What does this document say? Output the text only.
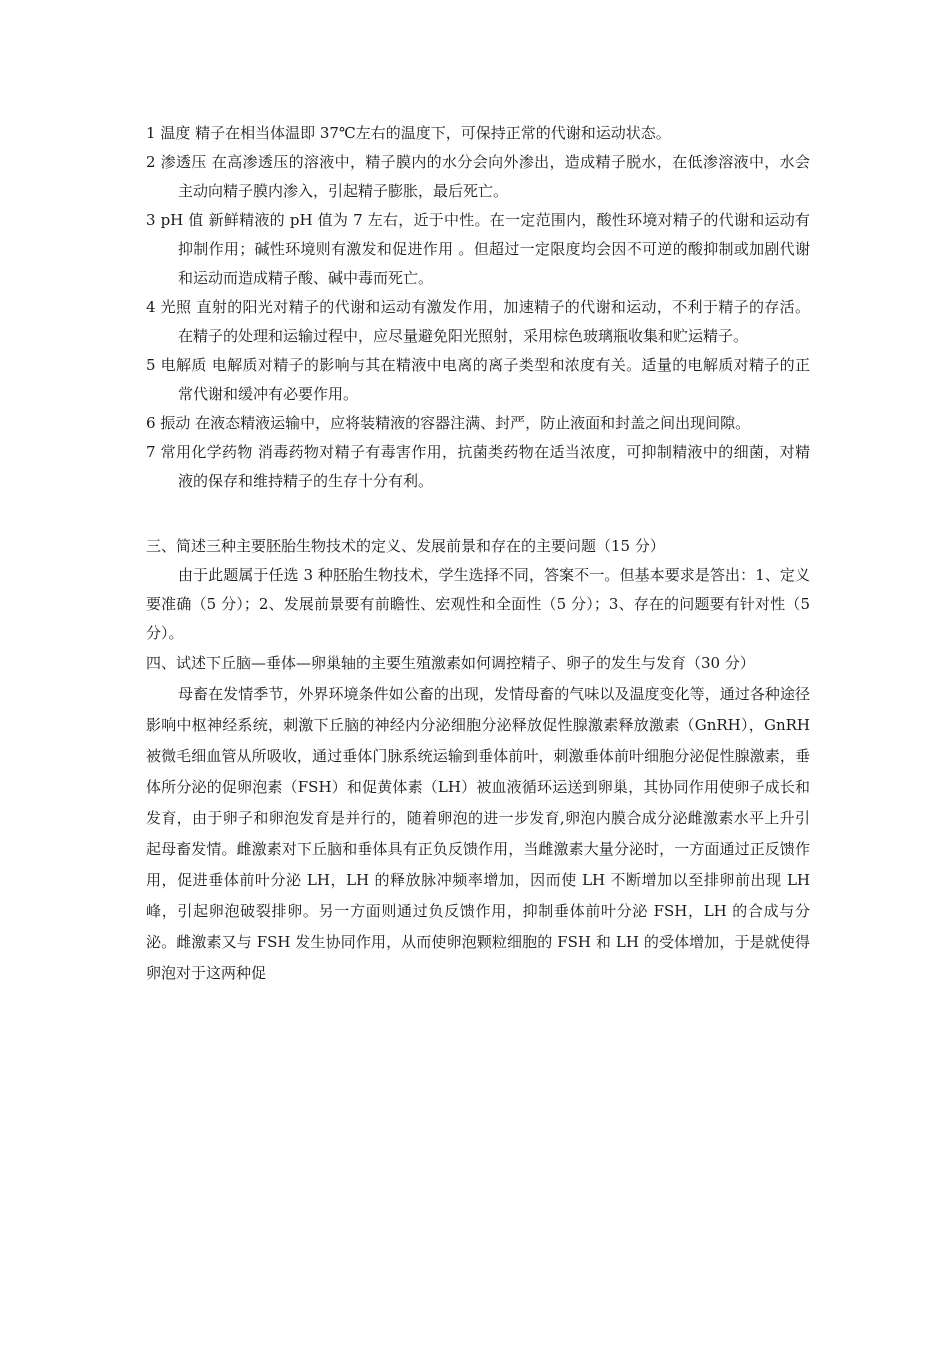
1 温度 精子在相当体温即 37℃左右的温度下，可保持正常的代谢和运动状态。
2 渗透压 在高渗透压的溶液中，精子膜内的水分会向外渗出，造成精子脱水，在低渗溶液中，水会主动向精子膜内渗入，引起精子膨胀，最后死亡。
3 pH 值 新鲜精液的 pH 值为 7 左右，近于中性。在一定范围内，酸性环境对精子的代谢和运动有抑制作用；碱性环境则有激发和促进作用 。但超过一定限度均会因不可逆的酸抑制或加剧代谢和运动而造成精子酸、碱中毒而死亡。
4 光照 直射的阳光对精子的代谢和运动有激发作用，加速精子的代谢和运动，不利于精子的存活。在精子的处理和运输过程中，应尽量避免阳光照射，采用棕色玻璃瓶收集和贮运精子。
5 电解质 电解质对精子的影响与其在精液中电离的离子类型和浓度有关。适量的电解质对精子的正常代谢和缓冲有必要作用。
6 振动 在液态精液运输中，应将装精液的容器注满、封严，防止液面和封盖之间出现间隙。
7 常用化学药物 消毒药物对精子有毒害作用，抗菌类药物在适当浓度，可抑制精液中的细菌，对精液的保存和维持精子的生存十分有利。
三、简述三种主要胚胎生物技术的定义、发展前景和存在的主要问题（15 分）
由于此题属于任选 3 种胚胎生物技术，学生选择不同，答案不一。但基本要求是答出：1、定义要准确（5 分）；2、发展前景要有前瞻性、宏观性和全面性（5 分）；3、存在的问题要有针对性（5 分）。
四、试述下丘脑—垂体—卵巢轴的主要生殖激素如何调控精子、卵子的发生与发育（30 分）
母畜在发情季节，外界环境条件如公畜的出现，发情母畜的气味以及温度变化等，通过各种途径影响中枢神经系统，刺激下丘脑的神经内分泌细胞分泌释放促性腺激素释放激素（GnRH），GnRH 被微毛细血管从所吸收，通过垂体门脉系统运输到垂体前叶，刺激垂体前叶细胞分泌促性腺激素，垂体所分泌的促卵泡素（FSH）和促黄体素（LH）被血液循环运送到卵巢，其协同作用使卵子成长和发育，由于卵子和卵泡发育是并行的，随着卵泡的进一步发育,卵泡内膜合成分泌雌激素水平上升引起母畜发情。雌激素对下丘脑和垂体具有正负反馈作用，当雌激素大量分泌时，一方面通过正反馈作用，促进垂体前叶分泌 LH，LH 的释放脉冲频率增加，因而使 LH 不断增加以至排卵前出现 LH 峰，引起卵泡破裂排卵。另一方面则通过负反馈作用，抑制垂体前叶分泌 FSH，LH 的合成与分泌。雌激素又与 FSH 发生协同作用，从而使卵泡颗粒细胞的 FSH 和 LH 的受体增加，于是就使得卵泡对于这两种促
